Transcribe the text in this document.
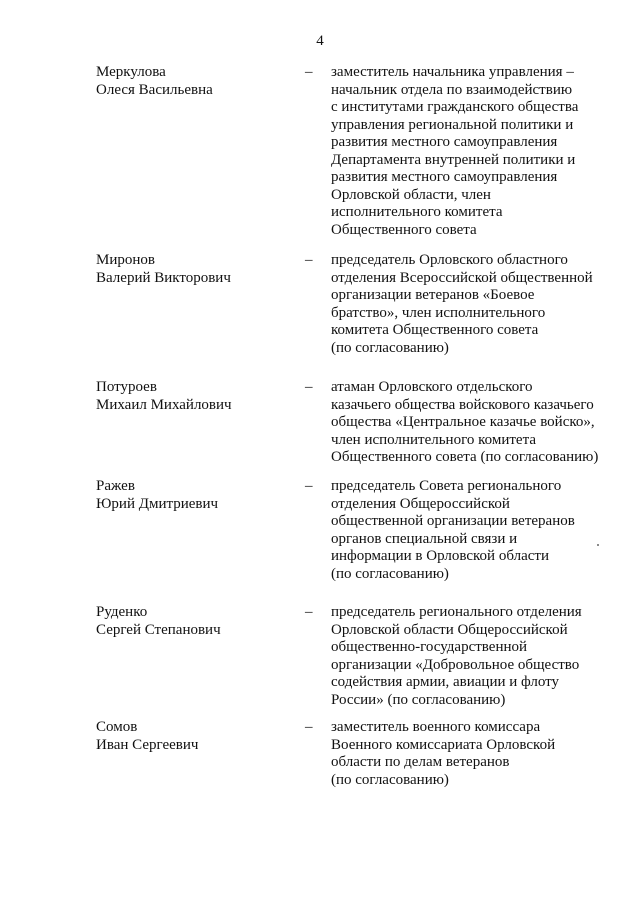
4
Меркулова
Олеся Васильевна
– заместитель начальника управления –
начальник отдела по взаимодействию
с институтами гражданского общества
управления региональной политики и
развития местного самоуправления
Департамента внутренней политики и
развития местного самоуправления
Орловской области, член
исполнительного комитета
Общественного совета
Миронов
Валерий Викторович
– председатель Орловского областного
отделения Всероссийской общественной
организации ветеранов «Боевое
братство», член исполнительного
комитета Общественного совета
(по согласованию)
Потуроев
Михаил Михайлович
– атаман Орловского отдельского
казачьего общества войскового казачьего
общества «Центральное казачье войско»,
член исполнительного комитета
Общественного совета (по согласованию)
Ражев
Юрий Дмитриевич
– председатель Совета регионального
отделения Общероссийской
общественной организации ветеранов
органов специальной связи и
информации в Орловской области
(по согласованию)
Руденко
Сергей Степанович
– председатель регионального отделения
Орловской области Общероссийской
общественно-государственной
организации «Добровольное общество
содействия армии, авиации и флоту
России» (по согласованию)
Сомов
Иван Сергеевич
– заместитель военного комиссара
Военного комиссариата Орловской
области по делам ветеранов
(по согласованию)
